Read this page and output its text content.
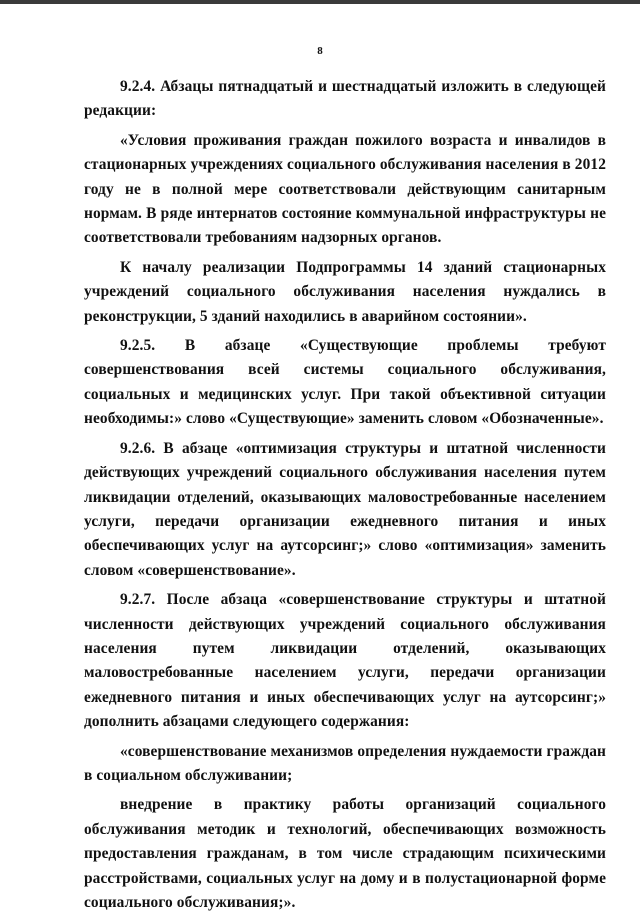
8

9.2.4. Абзацы пятнадцатый и шестнадцатый изложить в следующей редакции:

«Условия проживания граждан пожилого возраста и инвалидов в стационарных учреждениях социального обслуживания населения в 2012 году не в полной мере соответствовали действующим санитарным нормам. В ряде интернатов состояние коммунальной инфраструктуры не соответствовали требованиям надзорных органов.

К началу реализации Подпрограммы 14 зданий стационарных учреждений социального обслуживания населения нуждались в реконструкции, 5 зданий находились в аварийном состоянии».

9.2.5. В абзаце «Существующие проблемы требуют совершенствования всей системы социального обслуживания, социальных и медицинских услуг. При такой объективной ситуации необходимы:» слово «Существующие» заменить словом «Обозначенные».

9.2.6. В абзаце «оптимизация структуры и штатной численности действующих учреждений социального обслуживания населения путем ликвидации отделений, оказывающих маловостребованные населением услуги, передачи организации ежедневного питания и иных обеспечивающих услуг на аутсорсинг;» слово «оптимизация» заменить словом «совершенствование».

9.2.7. После абзаца «совершенствование структуры и штатной численности действующих учреждений социального обслуживания населения путем ликвидации отделений, оказывающих маловостребованные населением услуги, передачи организации ежедневного питания и иных обеспечивающих услуг на аутсорсинг;» дополнить абзацами следующего содержания:

«совершенствование механизмов определения нуждаемости граждан в социальном обслуживании;

внедрение в практику работы организаций социального обслуживания методик и технологий, обеспечивающих возможность предоставления гражданам, в том числе страдающим психическими расстройствами, социальных услуг на дому и в полустационарной форме социального обслуживания;».
